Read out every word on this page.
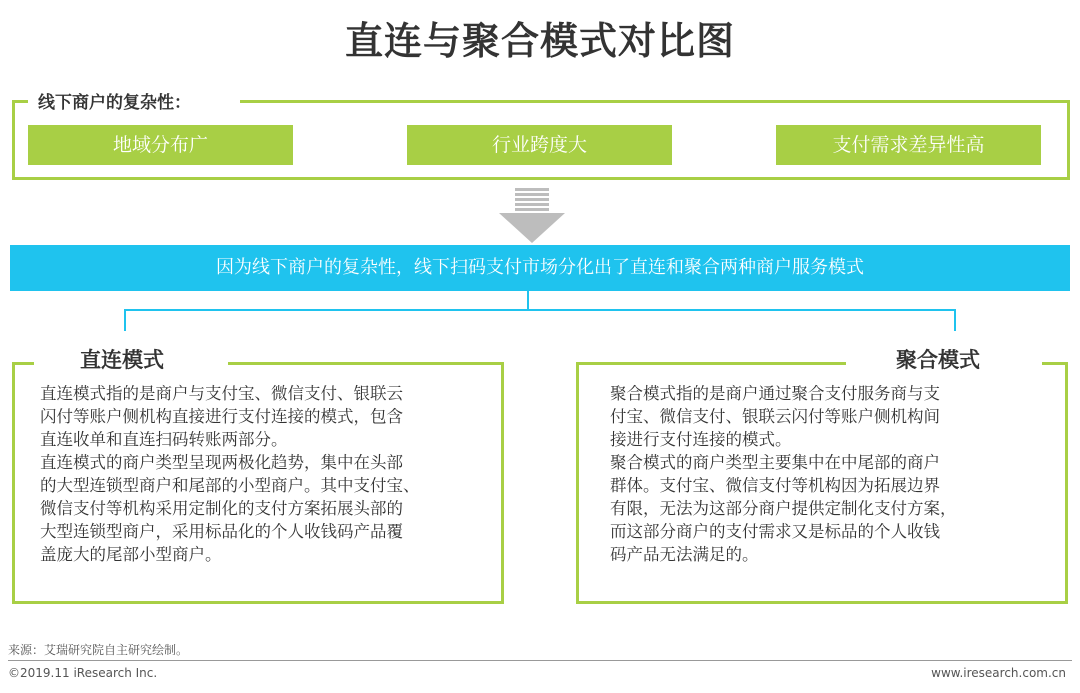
直连与聚合模式对比图
线下商户的复杂性：
地域分布广	行业跨度大	支付需求差异性高
因为线下商户的复杂性，线下扫码支付市场分化出了直连和聚合两种商户服务模式
直连模式
直连模式指的是商户与支付宝、微信支付、银联云
闪付等账户侧机构直接进行支付连接的模式，包含
直连收单和直连扫码转账两部分。
直连模式的商户类型呈现两极化趋势，集中在头部
的大型连锁型商户和尾部的小型商户。其中支付宝、
微信支付等机构采用定制化的支付方案拓展头部的
大型连锁型商户，采用标品化的个人收钱码产品覆
盖庞大的尾部小型商户。
聚合模式
聚合模式指的是商户通过聚合支付服务商与支
付宝、微信支付、银联云闪付等账户侧机构间
接进行支付连接的模式。
聚合模式的商户类型主要集中在中尾部的商户
群体。支付宝、微信支付等机构因为拓展边界
有限，无法为这部分商户提供定制化支付方案，
而这部分商户的支付需求又是标品的个人收钱
码产品无法满足的。
来源：艾瑞研究院自主研究绘制。
©2019.11 iResearch Inc.	www.iresearch.com.cn
